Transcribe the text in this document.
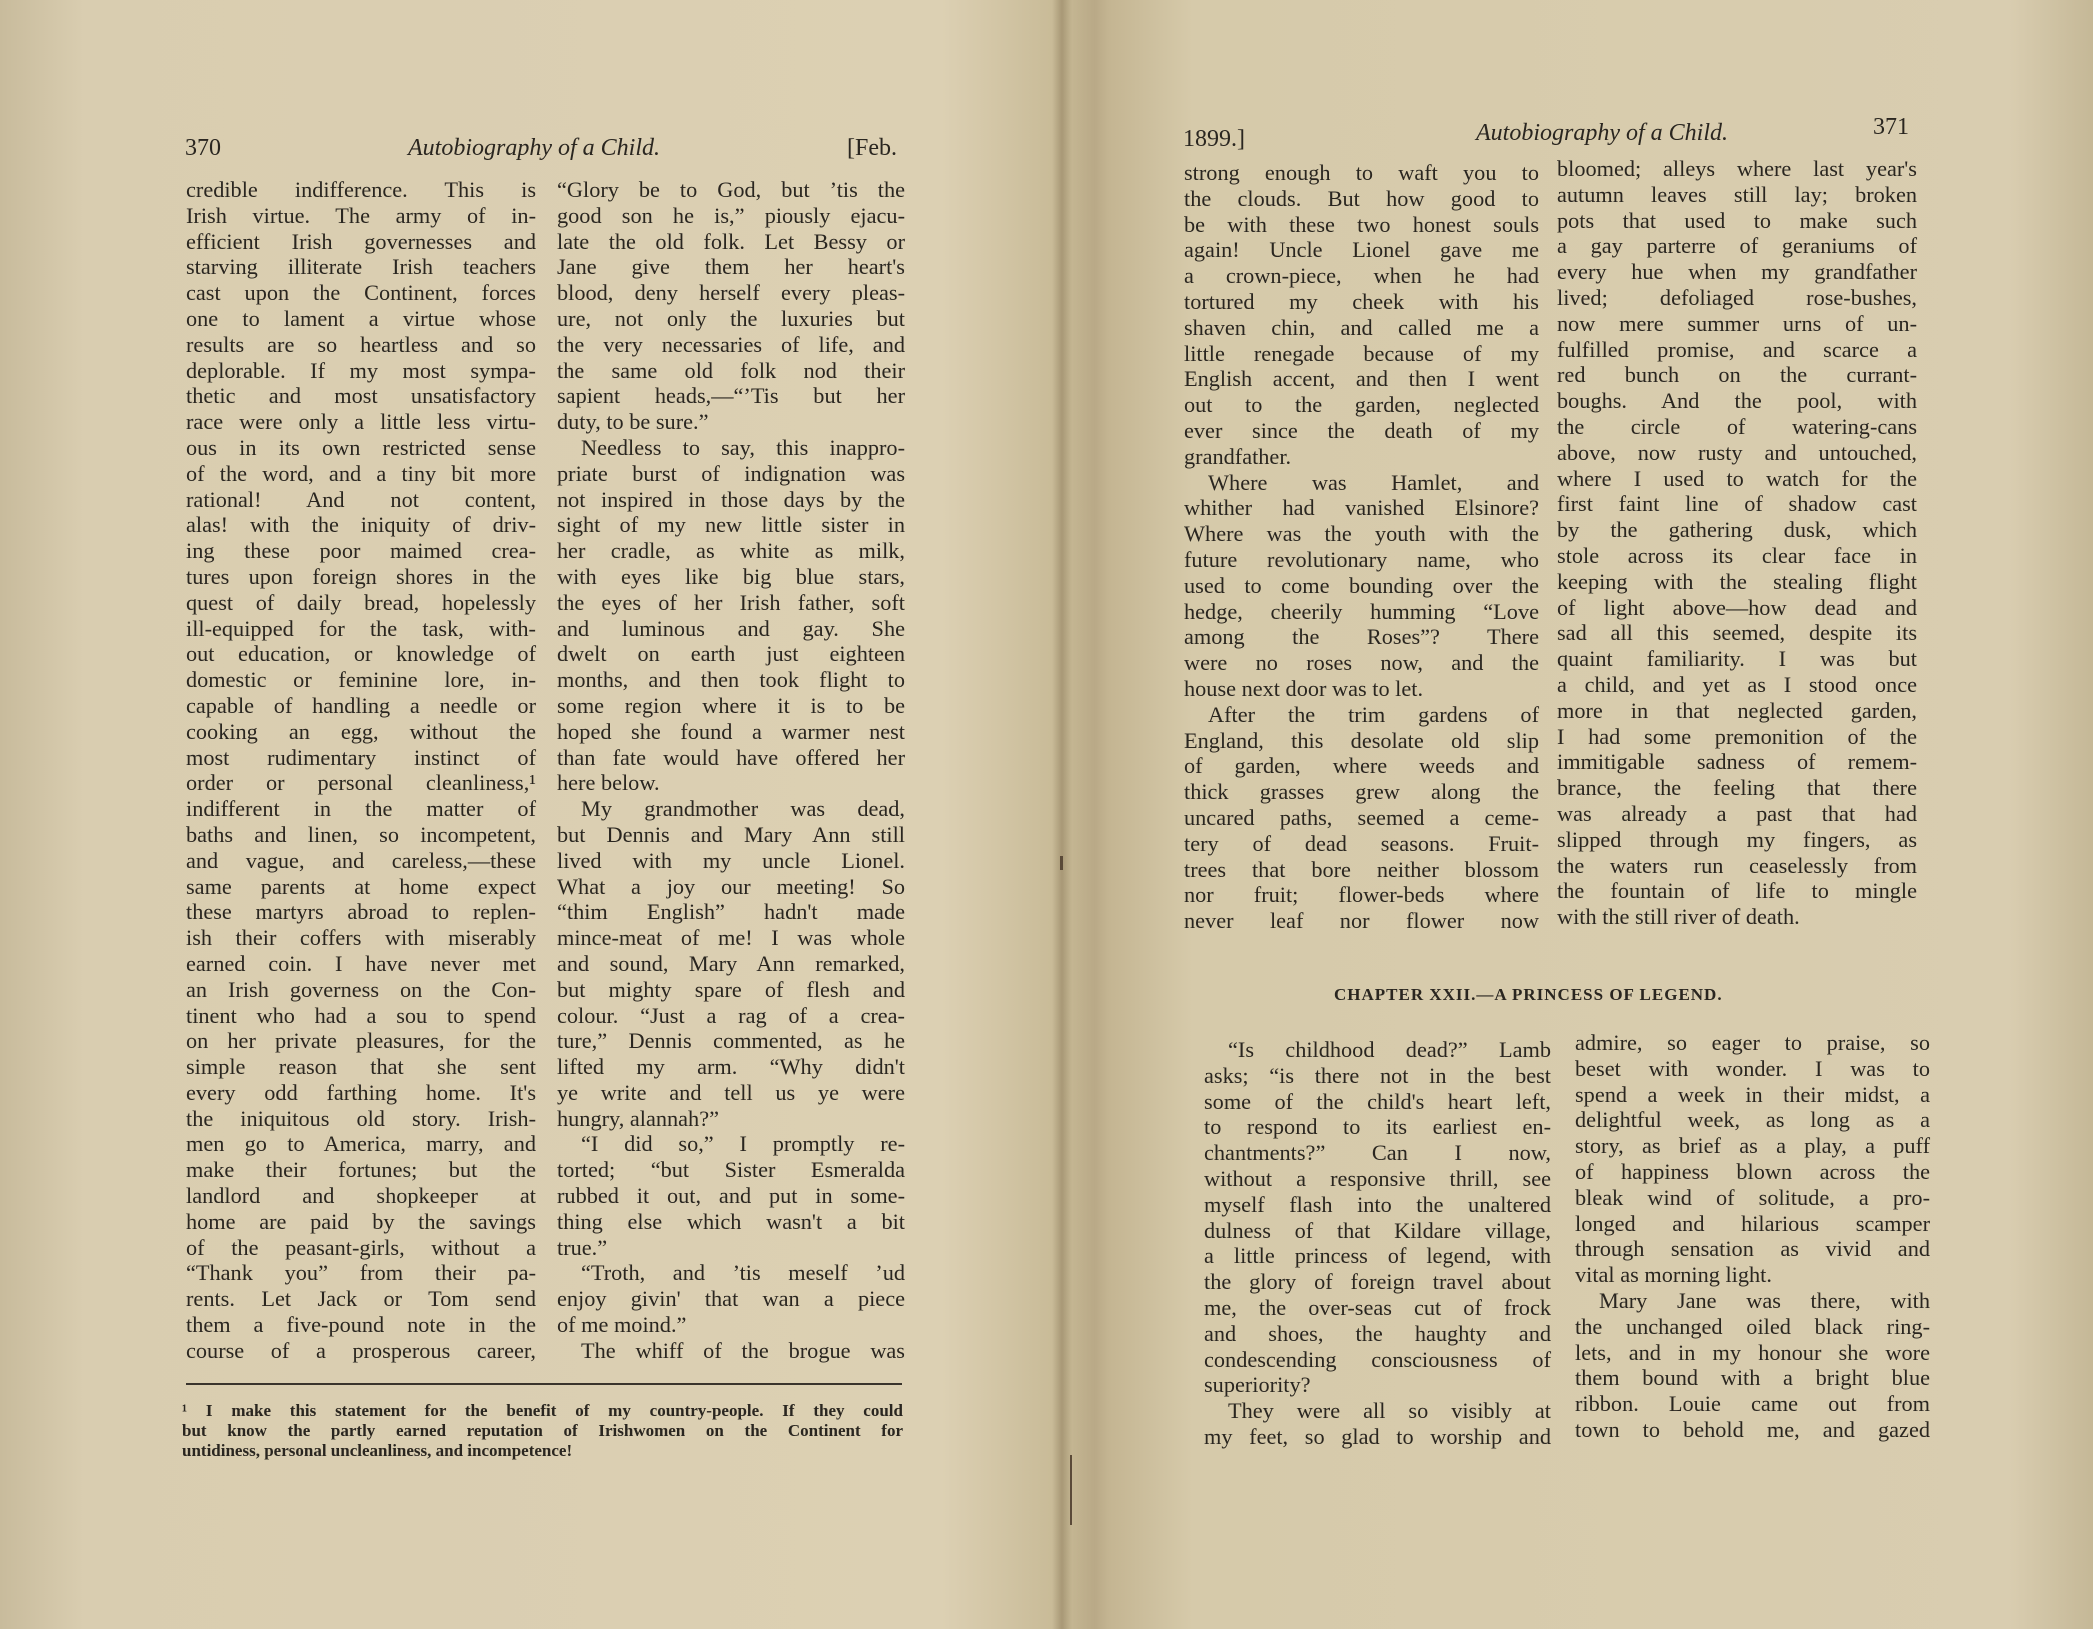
370	Autobiography of a Child.	[Feb.
credible indifference. This is
Irish virtue. The army of in-
efficient Irish governesses and
starving illiterate Irish teachers
cast upon the Continent, forces
one to lament a virtue whose
results are so heartless and so
deplorable. If my most sympa-
thetic and most unsatisfactory
race were only a little less virtu-
ous in its own restricted sense
of the word, and a tiny bit more
rational! And not content,
alas! with the iniquity of driv-
ing these poor maimed crea-
tures upon foreign shores in the
quest of daily bread, hopelessly
ill-equipped for the task, with-
out education, or knowledge of
domestic or feminine lore, in-
capable of handling a needle or
cooking an egg, without the
most rudimentary instinct of
order or personal cleanliness,¹
indifferent in the matter of
baths and linen, so incompetent,
and vague, and careless,—these
same parents at home expect
these martyrs abroad to replen-
ish their coffers with miserably
earned coin. I have never met
an Irish governess on the Con-
tinent who had a sou to spend
on her private pleasures, for the
simple reason that she sent
every odd farthing home. It's
the iniquitous old story. Irish-
men go to America, marry, and
make their fortunes; but the
landlord and shopkeeper at
home are paid by the savings
of the peasant-girls, without a
“Thank you” from their pa-
rents. Let Jack or Tom send
them a five-pound note in the
course of a prosperous career,
“Glory be to God, but ’tis the
good son he is,” piously ejacu-
late the old folk. Let Bessy or
Jane give them her heart's
blood, deny herself every pleas-
ure, not only the luxuries but
the very necessaries of life, and
the same old folk nod their
sapient heads,—“’Tis but her
duty, to be sure.”
Needless to say, this inappro-
priate burst of indignation was
not inspired in those days by the
sight of my new little sister in
her cradle, as white as milk,
with eyes like big blue stars,
the eyes of her Irish father, soft
and luminous and gay. She
dwelt on earth just eighteen
months, and then took flight to
some region where it is to be
hoped she found a warmer nest
than fate would have offered her
here below.
My grandmother was dead,
but Dennis and Mary Ann still
lived with my uncle Lionel.
What a joy our meeting! So
“thim English” hadn't made
mince-meat of me! I was whole
and sound, Mary Ann remarked,
but mighty spare of flesh and
colour. “Just a rag of a crea-
ture,” Dennis commented, as he
lifted my arm. “Why didn't
ye write and tell us ye were
hungry, alannah?”
“I did so,” I promptly re-
torted; “but Sister Esmeralda
rubbed it out, and put in some-
thing else which wasn't a bit
true.”
“Troth, and ’tis meself ’ud
enjoy givin' that wan a piece
of me moind.”
The whiff of the brogue was
¹ I make this statement for the benefit of my country-people. If they could
but know the partly earned reputation of Irishwomen on the Continent for
untidiness, personal uncleanliness, and incompetence!
1899.]	Autobiography of a Child.	371
strong enough to waft you to
the clouds. But how good to
be with these two honest souls
again! Uncle Lionel gave me
a crown-piece, when he had
tortured my cheek with his
shaven chin, and called me a
little renegade because of my
English accent, and then I went
out to the garden, neglected
ever since the death of my
grandfather.
Where was Hamlet, and
whither had vanished Elsinore?
Where was the youth with the
future revolutionary name, who
used to come bounding over the
hedge, cheerily humming “Love
among the Roses”? There
were no roses now, and the
house next door was to let.
After the trim gardens of
England, this desolate old slip
of garden, where weeds and
thick grasses grew along the
uncared paths, seemed a ceme-
tery of dead seasons. Fruit-
trees that bore neither blossom
nor fruit; flower-beds where
never leaf nor flower now
bloomed; alleys where last year's
autumn leaves still lay; broken
pots that used to make such
a gay parterre of geraniums of
every hue when my grandfather
lived; defoliaged rose-bushes,
now mere summer urns of un-
fulfilled promise, and scarce a
red bunch on the currant-
boughs. And the pool, with
the circle of watering-cans
above, now rusty and untouched,
where I used to watch for the
first faint line of shadow cast
by the gathering dusk, which
stole across its clear face in
keeping with the stealing flight
of light above—how dead and
sad all this seemed, despite its
quaint familiarity. I was but
a child, and yet as I stood once
more in that neglected garden,
I had some premonition of the
immitigable sadness of remem-
brance, the feeling that there
was already a past that had
slipped through my fingers, as
the waters run ceaselessly from
the fountain of life to mingle
with the still river of death.
CHAPTER XXII.—A PRINCESS OF LEGEND.
“Is childhood dead?” Lamb
asks; “is there not in the best
some of the child's heart left,
to respond to its earliest en-
chantments?” Can I now,
without a responsive thrill, see
myself flash into the unaltered
dulness of that Kildare village,
a little princess of legend, with
the glory of foreign travel about
me, the over-seas cut of frock
and shoes, the haughty and
condescending consciousness of
superiority?
They were all so visibly at
my feet, so glad to worship and
admire, so eager to praise, so
beset with wonder. I was to
spend a week in their midst, a
delightful week, as long as a
story, as brief as a play, a puff
of happiness blown across the
bleak wind of solitude, a pro-
longed and hilarious scamper
through sensation as vivid and
vital as morning light.
Mary Jane was there, with
the unchanged oiled black ring-
lets, and in my honour she wore
them bound with a bright blue
ribbon. Louie came out from
town to behold me, and gazed
